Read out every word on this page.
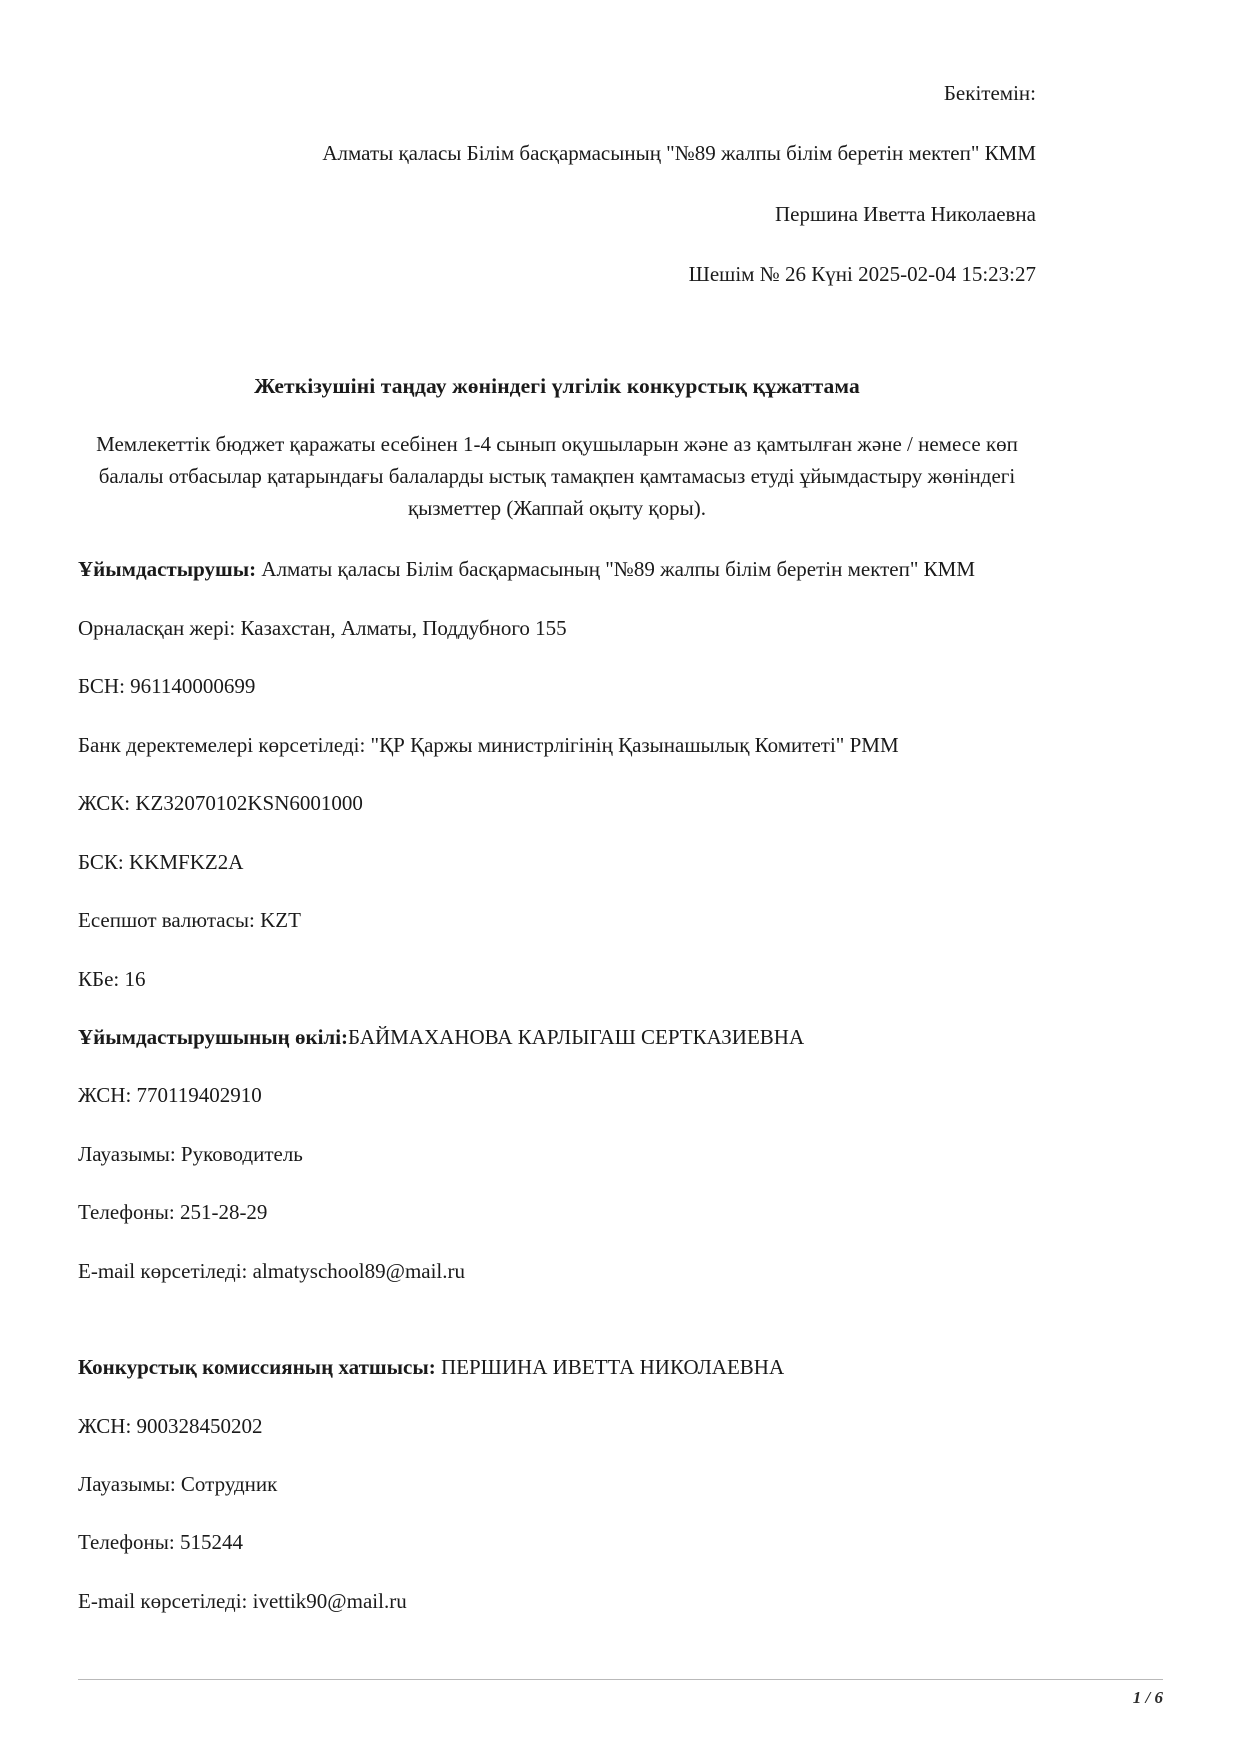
Бекітемін:
Алматы қаласы Білім басқармасының "№89 жалпы білім беретін мектеп" КММ
Першина Иветта Николаевна
Шешім № 26 Күні 2025-02-04 15:23:27
Жеткізушіні таңдау жөніндегі үлгілік конкурстық құжаттама
Мемлекеттік бюджет қаражаты есебінен 1-4 сынып оқушыларын және аз қамтылған және / немесе көп балалы отбасылар қатарындағы балаларды ыстық тамақпен қамтамасыз етуді ұйымдастыру жөніндегі қызметтер (Жаппай оқыту қоры).
Ұйымдастырушы: Алматы қаласы Білім басқармасының "№89 жалпы білім беретін мектеп" КММ
Орналасқан жері: Казахстан, Алматы, Поддубного 155
БСН: 961140000699
Банк деректемелері көрсетіледі: "ҚР Қаржы министрлігінің Қазынашылық Комитеті" РММ
ЖСК: KZ32070102KSN6001000
БСК: KKMFKZ2A
Есепшот валютасы: KZT
КБе: 16
Ұйымдастырушының өкілі:БАЙМАХАНОВА КАРЛЫГАШ СЕРТКАЗИЕВНА
ЖСН: 770119402910
Лауазымы: Руководитель
Телефоны: 251-28-29
E-mail көрсетіледі: almatyschool89@mail.ru
Конкурстық комиссияның хатшысы: ПЕРШИНА ИВЕТТА НИКОЛАЕВНА
ЖСН: 900328450202
Лауазымы: Сотрудник
Телефоны: 515244
E-mail көрсетіледі: ivettik90@mail.ru
1 / 6
